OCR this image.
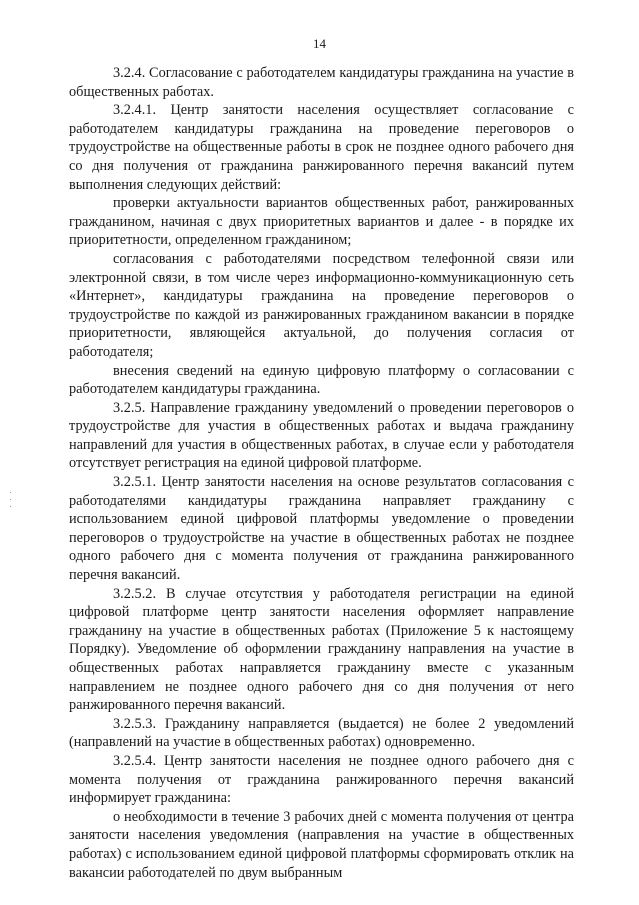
14

3.2.4. Согласование с работодателем кандидатуры гражданина на участие в общественных работах.

3.2.4.1. Центр занятости населения осуществляет согласование с работодателем кандидатуры гражданина на проведение переговоров о трудоустройстве на общественные работы в срок не позднее одного рабочего дня со дня получения от гражданина ранжированного перечня вакансий путем выполнения следующих действий:

проверки актуальности вариантов общественных работ, ранжированных гражданином, начиная с двух приоритетных вариантов и далее - в порядке их приоритетности, определенном гражданином;

согласования с работодателями посредством телефонной связи или электронной связи, в том числе через информационно-коммуникационную сеть «Интернет», кандидатуры гражданина на проведение переговоров о трудоустройстве по каждой из ранжированных гражданином вакансии в порядке приоритетности, являющейся актуальной, до получения согласия от работодателя;

внесения сведений на единую цифровую платформу о согласовании с работодателем кандидатуры гражданина.

3.2.5. Направление гражданину уведомлений о проведении переговоров о трудоустройстве для участия в общественных работах и выдача гражданину направлений для участия в общественных работах, в случае если у работодателя отсутствует регистрация на единой цифровой платформе.

3.2.5.1. Центр занятости населения на основе результатов согласования с работодателями кандидатуры гражданина направляет гражданину с использованием единой цифровой платформы уведомление о проведении переговоров о трудоустройстве на участие в общественных работах не позднее одного рабочего дня с момента получения от гражданина ранжированного перечня вакансий.

3.2.5.2. В случае отсутствия у работодателя регистрации на единой цифровой платформе центр занятости населения оформляет направление гражданину на участие в общественных работах (Приложение 5 к настоящему Порядку). Уведомление об оформлении гражданину направления на участие в общественных работах направляется гражданину вместе с указанным направлением не позднее одного рабочего дня со дня получения от него ранжированного перечня вакансий.

3.2.5.3. Гражданину направляется (выдается) не более 2 уведомлений (направлений на участие в общественных работах) одновременно.

3.2.5.4. Центр занятости населения не позднее одного рабочего дня с момента получения от гражданина ранжированного перечня вакансий информирует гражданина:

о необходимости в течение 3 рабочих дней с момента получения от центра занятости населения уведомления (направления на участие в общественных работах) с использованием единой цифровой платформы сформировать отклик на вакансии работодателей по двум выбранным
